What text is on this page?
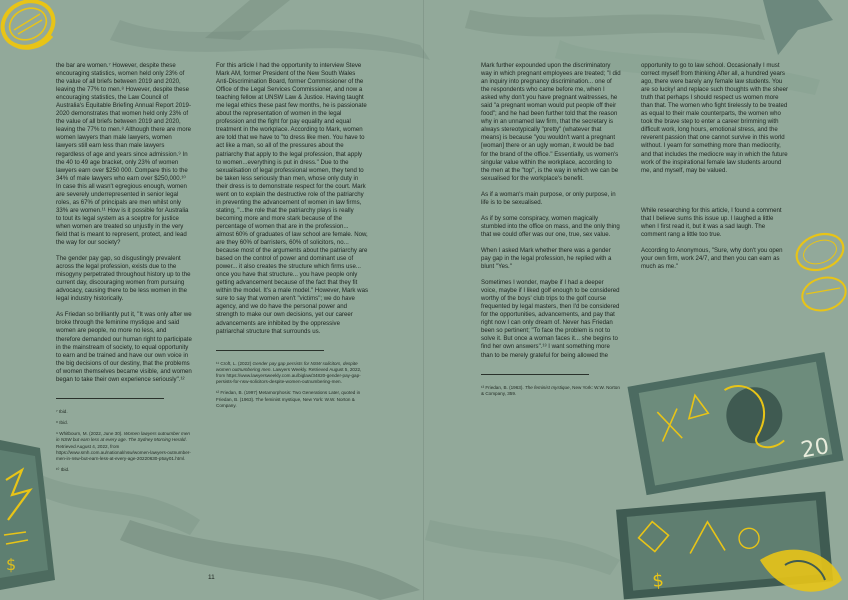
$
20
$

the bar are women.⁷ However, despite these encouraging statistics, women held only 23% of the value of all briefs between 2019 and 2020, leaving the 77% to men.⁸ However, despite these encouraging statistics, the Law Council of Australia's Equitable Briefing Annual Report 2019-2020 demonstrates that women held only 23% of the value of all briefs between 2019 and 2020, leaving the 77% to men.⁸ Although there are more women lawyers than male lawyers, women lawyers still earn less than male lawyers regardless of age and years since admission.⁹ In the 40 to 49 age bracket, only 23% of women lawyers earn over $250 000. Compare this to the 34% of male lawyers who earn over $250,000.¹⁰ In case this all wasn't egregious enough, women are severely underrepresented in senior legal roles, as 67% of principals are men whilst only 33% are women.¹¹ How is it possible for Australia to tout its legal system as a sceptre for justice when women are treated so unjustly in the very field that is meant to represent, protect, and lead the way for our society?

The gender pay gap, so disgustingly prevalent across the legal profession, exists due to the misogyny perpetrated throughout history up to the current day, discouraging women from pursuing advocacy, causing there to be less women in the legal industry historically.

As Friedan so brilliantly put it, "It was only after we broke through the feminine mystique and said women are people, no more no less, and therefore demanded our human right to participate in the mainstream of society, to equal opportunity to earn and be trained and have our own voice in the big decisions of our destiny, that the problems of women themselves became visible, and women began to take their own experience seriously".¹²

⁷ Ibid.
⁸ Ibid.
⁹ Whitbourn, M. (2022, June 30). Women lawyers outnumber men in NSW but earn less at every age. The Sydney Morning Herald. Retrieved August 4, 2022, from https://www.smh.com.au/national/nsw/women-lawyers-outnumber-men-in-nsw-but-earn-less-at-every-age-20220630-p5ay01.html.
¹⁰ Ibid.

For this article I had the opportunity to interview Steve Mark AM, former President of the New South Wales Anti-Discrimination Board, former Commissioner of the Office of the Legal Services Commissioner, and now a teaching fellow at UNSW Law & Justice. Having taught me legal ethics these past few months, he is passionate about the representation of women in the legal profession and the fight for pay equality and equal treatment in the workplace. According to Mark, women are told that we have to "to dress like men. You have to act like a man, so all of the pressures about the patriarchy that apply to the legal profession, that apply to women...everything is put in dress." Due to the sexualisation of legal professional women, they tend to be taken less seriously than men, whose only duty in their dress is to demonstrate respect for the court. Mark went on to explain the destructive role of the patriarchy in preventing the advancement of women in law firms, stating, "...the role that the patriarchy plays is really becoming more and more stark because of the percentage of women that are in the profession... almost 60% of graduates of law school are female. Now, are they 60% of barristers, 60% of solicitors, no... because most of the arguments about the patriarchy are based on the control of power and dominant use of power... it also creates the structure which firms use... once you have that structure... you have people only getting advancement because of the fact that they fit within the model. It's a male model." However, Mark was sure to say that women aren't "victims"; we do have agency, and we do have the personal power and strength to make our own decisions, yet our career advancements are inhibited by the oppressive patriarchal structure that surrounds us.

¹¹ Croft, L. (2022) Gender pay gap persists for NSW solicitors, despite women outnumbering men. Lawyers Weekly. Retrieved August 5, 2022, from https://www.lawyersweekly.com.au/biglaw/34820-gender-pay-gap-persists-for-nsw-solicitors-despite-women-outnumbering-men.
¹² Friedan, B. (1997) Metamorphosis: Two Generations Later, quoted in Friedan, B. (1963). The feminist mystique, New York: W.W. Norton & Company.

Mark further expounded upon the discriminatory way in which pregnant employees are treated; "I did an inquiry into pregnancy discrimination... one of the respondents who came before me, when I asked why don't you have pregnant waitresses, he said "a pregnant woman would put people off their food"; and he had been further told that the reason why in an unnamed law firm, that the secretary is always stereotypically "pretty" (whatever that means) is because "you wouldn't want a pregnant [woman] there or an ugly woman, it would be bad for the brand of the office." Essentially, us women's singular value within the workplace, according to the men at the "top", is the way in which we can be sexualised for the workplace's benefit.

As if a woman's main purpose, or only purpose, in life is to be sexualised.

As if by some conspiracy, women magically stumbled into the office on mass, and the only thing that we could offer was our one, true, sex value.

When I asked Mark whether there was a gender pay gap in the legal profession, he replied with a blunt "Yes."

Sometimes I wonder, maybe if I had a deeper voice, maybe if I liked golf enough to be considered worthy of the boys' club trips to the golf course frequented by legal masters, then I'd be considered for the opportunities, advancements, and pay that right now I can only dream of. Never has Friedan been so pertinent; "To face the problem is not to solve it. But once a woman faces it... she begins to find her own answers".¹³ I want something more than to be merely grateful for being allowed the

¹³ Friedan, B. (1963). The feminist mystique, New York: W.W. Norton & Company, 359.

opportunity to go to law school. Occasionally I must correct myself from thinking After all, a hundred years ago, there were barely any female law students. You are so lucky! and replace such thoughts with the sheer truth that perhaps I should respect us women more than that. The women who fight tirelessly to be treated as equal to their male counterparts, the women who took the brave step to enter a career brimming with difficult work, long hours, emotional stress, and the reverent passion that one cannot survive in this world without. I yearn for something more than mediocrity, and that includes the mediocre way in which the future work of the inspirational female law students around me, and myself, may be valued.

While researching for this article, I found a comment that I believe sums this issue up. I laughed a little when I first read it, but it was a sad laugh. The comment rang a little too true.

According to Anonymous, "Sure, why don't you open your own firm, work 24/7, and then you can earn as much as me."

11
